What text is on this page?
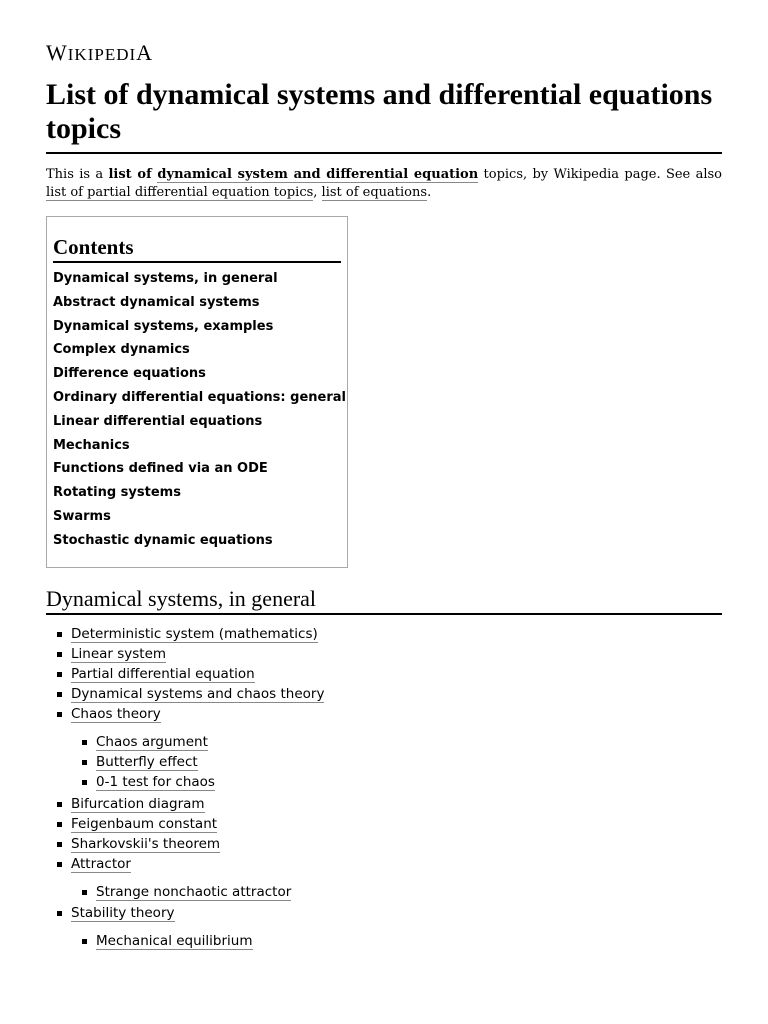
WIKIPEDIA
List of dynamical systems and differential equations topics

This is a list of dynamical system and differential equation topics, by Wikipedia page. See also list of partial differential equation topics, list of equations.

Contents
Dynamical systems, in general
Abstract dynamical systems
Dynamical systems, examples
Complex dynamics
Difference equations
Ordinary differential equations: general
Linear differential equations
Mechanics
Functions defined via an ODE
Rotating systems
Swarms
Stochastic dynamic equations
Dynamical systems, in general
Deterministic system (mathematics)
Linear system
Partial differential equation
Dynamical systems and chaos theory
Chaos theory
Chaos argument
Butterfly effect
0-1 test for chaos
Bifurcation diagram
Feigenbaum constant
Sharkovskii's theorem
Attractor
Strange nonchaotic attractor
Stability theory
Mechanical equilibrium
